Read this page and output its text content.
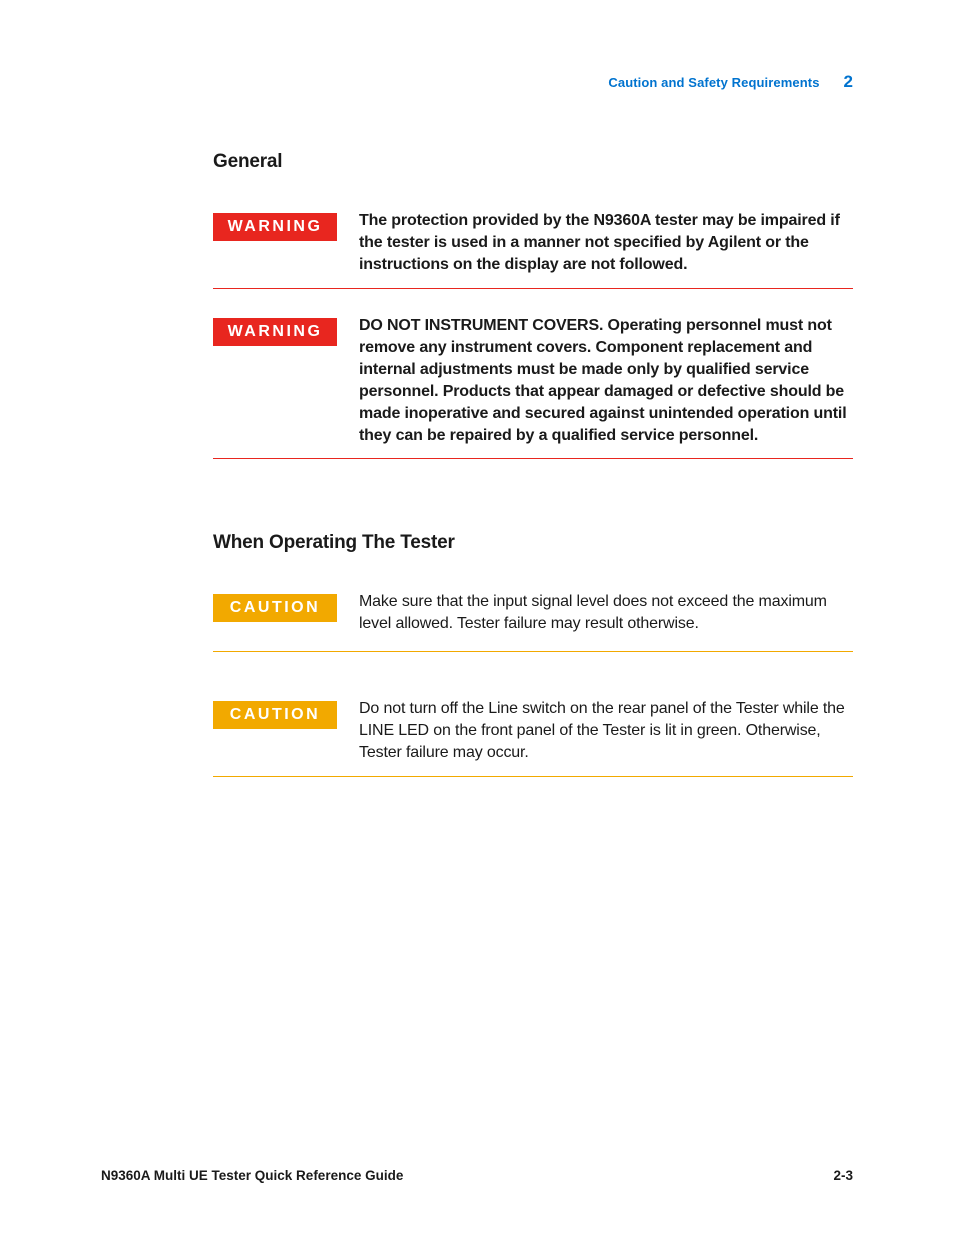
Caution and Safety Requirements 2
General
WARNING	The protection provided by the N9360A tester may be impaired if the tester is used in a manner not specified by Agilent or the instructions on the display are not followed.
WARNING	DO NOT INSTRUMENT COVERS. Operating personnel must not remove any instrument covers. Component replacement and internal adjustments must be made only by qualified service personnel. Products that appear damaged or defective should be made inoperative and secured against unintended operation until they can be repaired by a qualified service personnel.
When Operating The Tester
CAUTION	Make sure that the input signal level does not exceed the maximum level allowed. Tester failure may result otherwise.
CAUTION	Do not turn off the Line switch on the rear panel of the Tester while the LINE LED on the front panel of the Tester is lit in green. Otherwise, Tester failure may occur.
N9360A Multi UE Tester Quick Reference Guide	2-3
